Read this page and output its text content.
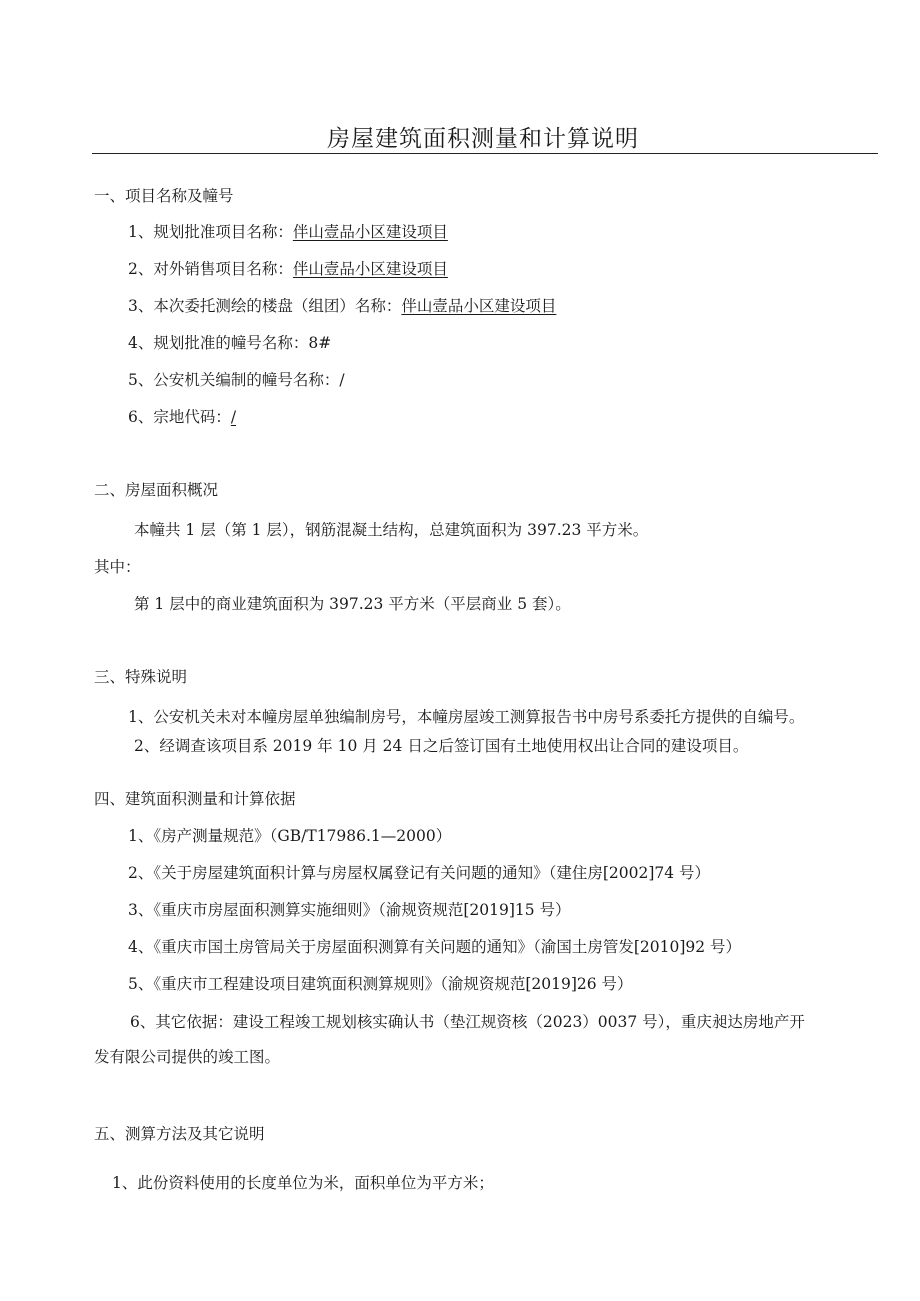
房屋建筑面积测量和计算说明
一、项目名称及幢号
1、规划批准项目名称：伴山壹品小区建设项目
2、对外销售项目名称：伴山壹品小区建设项目
3、本次委托测绘的楼盘（组团）名称：伴山壹品小区建设项目
4、规划批准的幢号名称：8#
5、公安机关编制的幢号名称：/
6、宗地代码：/
二、房屋面积概况
本幢共 1 层（第 1 层），钢筋混凝土结构，总建筑面积为 397.23 平方米。
其中：
第 1 层中的商业建筑面积为 397.23 平方米（平层商业 5 套）。
三、特殊说明
1、公安机关未对本幢房屋单独编制房号，本幢房屋竣工测算报告书中房号系委托方提供的自编号。
2、经调查该项目系 2019 年 10 月 24 日之后签订国有土地使用权出让合同的建设项目。
四、建筑面积测量和计算依据
1、《房产测量规范》（GB/T17986.1—2000）
2、《关于房屋建筑面积计算与房屋权属登记有关问题的通知》（建住房[2002]74 号）
3、《重庆市房屋面积测算实施细则》（渝规资规范[2019]15 号）
4、《重庆市国土房管局关于房屋面积测算有关问题的通知》（渝国土房管发[2010]92 号）
5、《重庆市工程建设项目建筑面积测算规则》（渝规资规范[2019]26 号）
6、其它依据：建设工程竣工规划核实确认书（垫江规资核（2023）0037 号），重庆昶达房地产开
发有限公司提供的竣工图。
五、测算方法及其它说明
1、此份资料使用的长度单位为米，面积单位为平方米；
